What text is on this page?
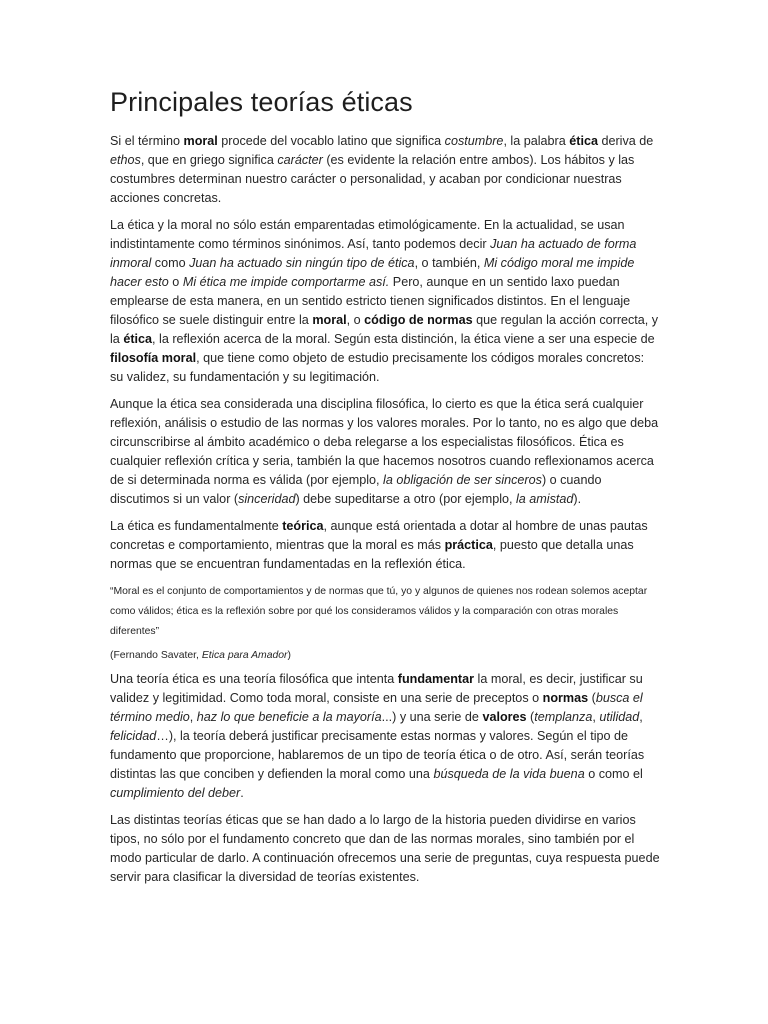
Principales teorías éticas

Si el término moral procede del vocablo latino que significa costumbre, la palabra ética deriva de ethos, que en griego significa carácter (es evidente la relación entre ambos). Los hábitos y las costumbres determinan nuestro carácter o personalidad, y acaban por condicionar nuestras acciones concretas.

La ética y la moral no sólo están emparentadas etimológicamente. En la actualidad, se usan indistintamente como términos sinónimos. Así, tanto podemos decir Juan ha actuado de forma inmoral como Juan ha actuado sin ningún tipo de ética, o también, Mi código moral me impide hacer esto o Mi ética me impide comportarme así. Pero, aunque en un sentido laxo puedan emplearse de esta manera, en un sentido estricto tienen significados distintos. En el lenguaje filosófico se suele distinguir entre la moral, o código de normas que regulan la acción correcta, y la ética, la reflexión acerca de la moral. Según esta distinción, la ética viene a ser una especie de filosofía moral, que tiene como objeto de estudio precisamente los códigos morales concretos: su validez, su fundamentación y su legitimación.

Aunque la ética sea considerada una disciplina filosófica, lo cierto es que la ética será cualquier reflexión, análisis o estudio de las normas y los valores morales. Por lo tanto, no es algo que deba circunscribirse al ámbito académico o deba relegarse a los especialistas filosóficos. Ética es cualquier reflexión crítica y seria, también la que hacemos nosotros cuando reflexionamos acerca de si determinada norma es válida (por ejemplo, la obligación de ser sinceros) o cuando discutimos si un valor (sinceridad) debe supeditarse a otro (por ejemplo, la amistad).

La ética es fundamentalmente teórica, aunque está orientada a dotar al hombre de unas pautas concretas e comportamiento, mientras que la moral es más práctica, puesto que detalla unas normas que se encuentran fundamentadas en la reflexión ética.

“Moral es el conjunto de comportamientos y de normas que tú, yo y algunos de quienes nos rodean solemos aceptar como válidos; ética es la reflexión sobre por qué los consideramos válidos y la comparación con otras morales diferentes”

(Fernando Savater, Etica para Amador)

Una teoría ética es una teoría filosófica que intenta fundamentar la moral, es decir, justificar su validez y legitimidad. Como toda moral, consiste en una serie de preceptos o normas (busca el término medio, haz lo que beneficie a la mayoría...) y una serie de valores (templanza, utilidad, felicidad…), la teoría deberá justificar precisamente estas normas y valores. Según el tipo de fundamento que proporcione, hablaremos de un tipo de teoría ética o de otro. Así, serán teorías distintas las que conciben y defienden la moral como una búsqueda de la vida buena o como el cumplimiento del deber.

Las distintas teorías éticas que se han dado a lo largo de la historia pueden dividirse en varios tipos, no sólo por el fundamento concreto que dan de las normas morales, sino también por el modo particular de darlo. A continuación ofrecemos una serie de preguntas, cuya respuesta puede servir para clasificar la diversidad de teorías existentes.
